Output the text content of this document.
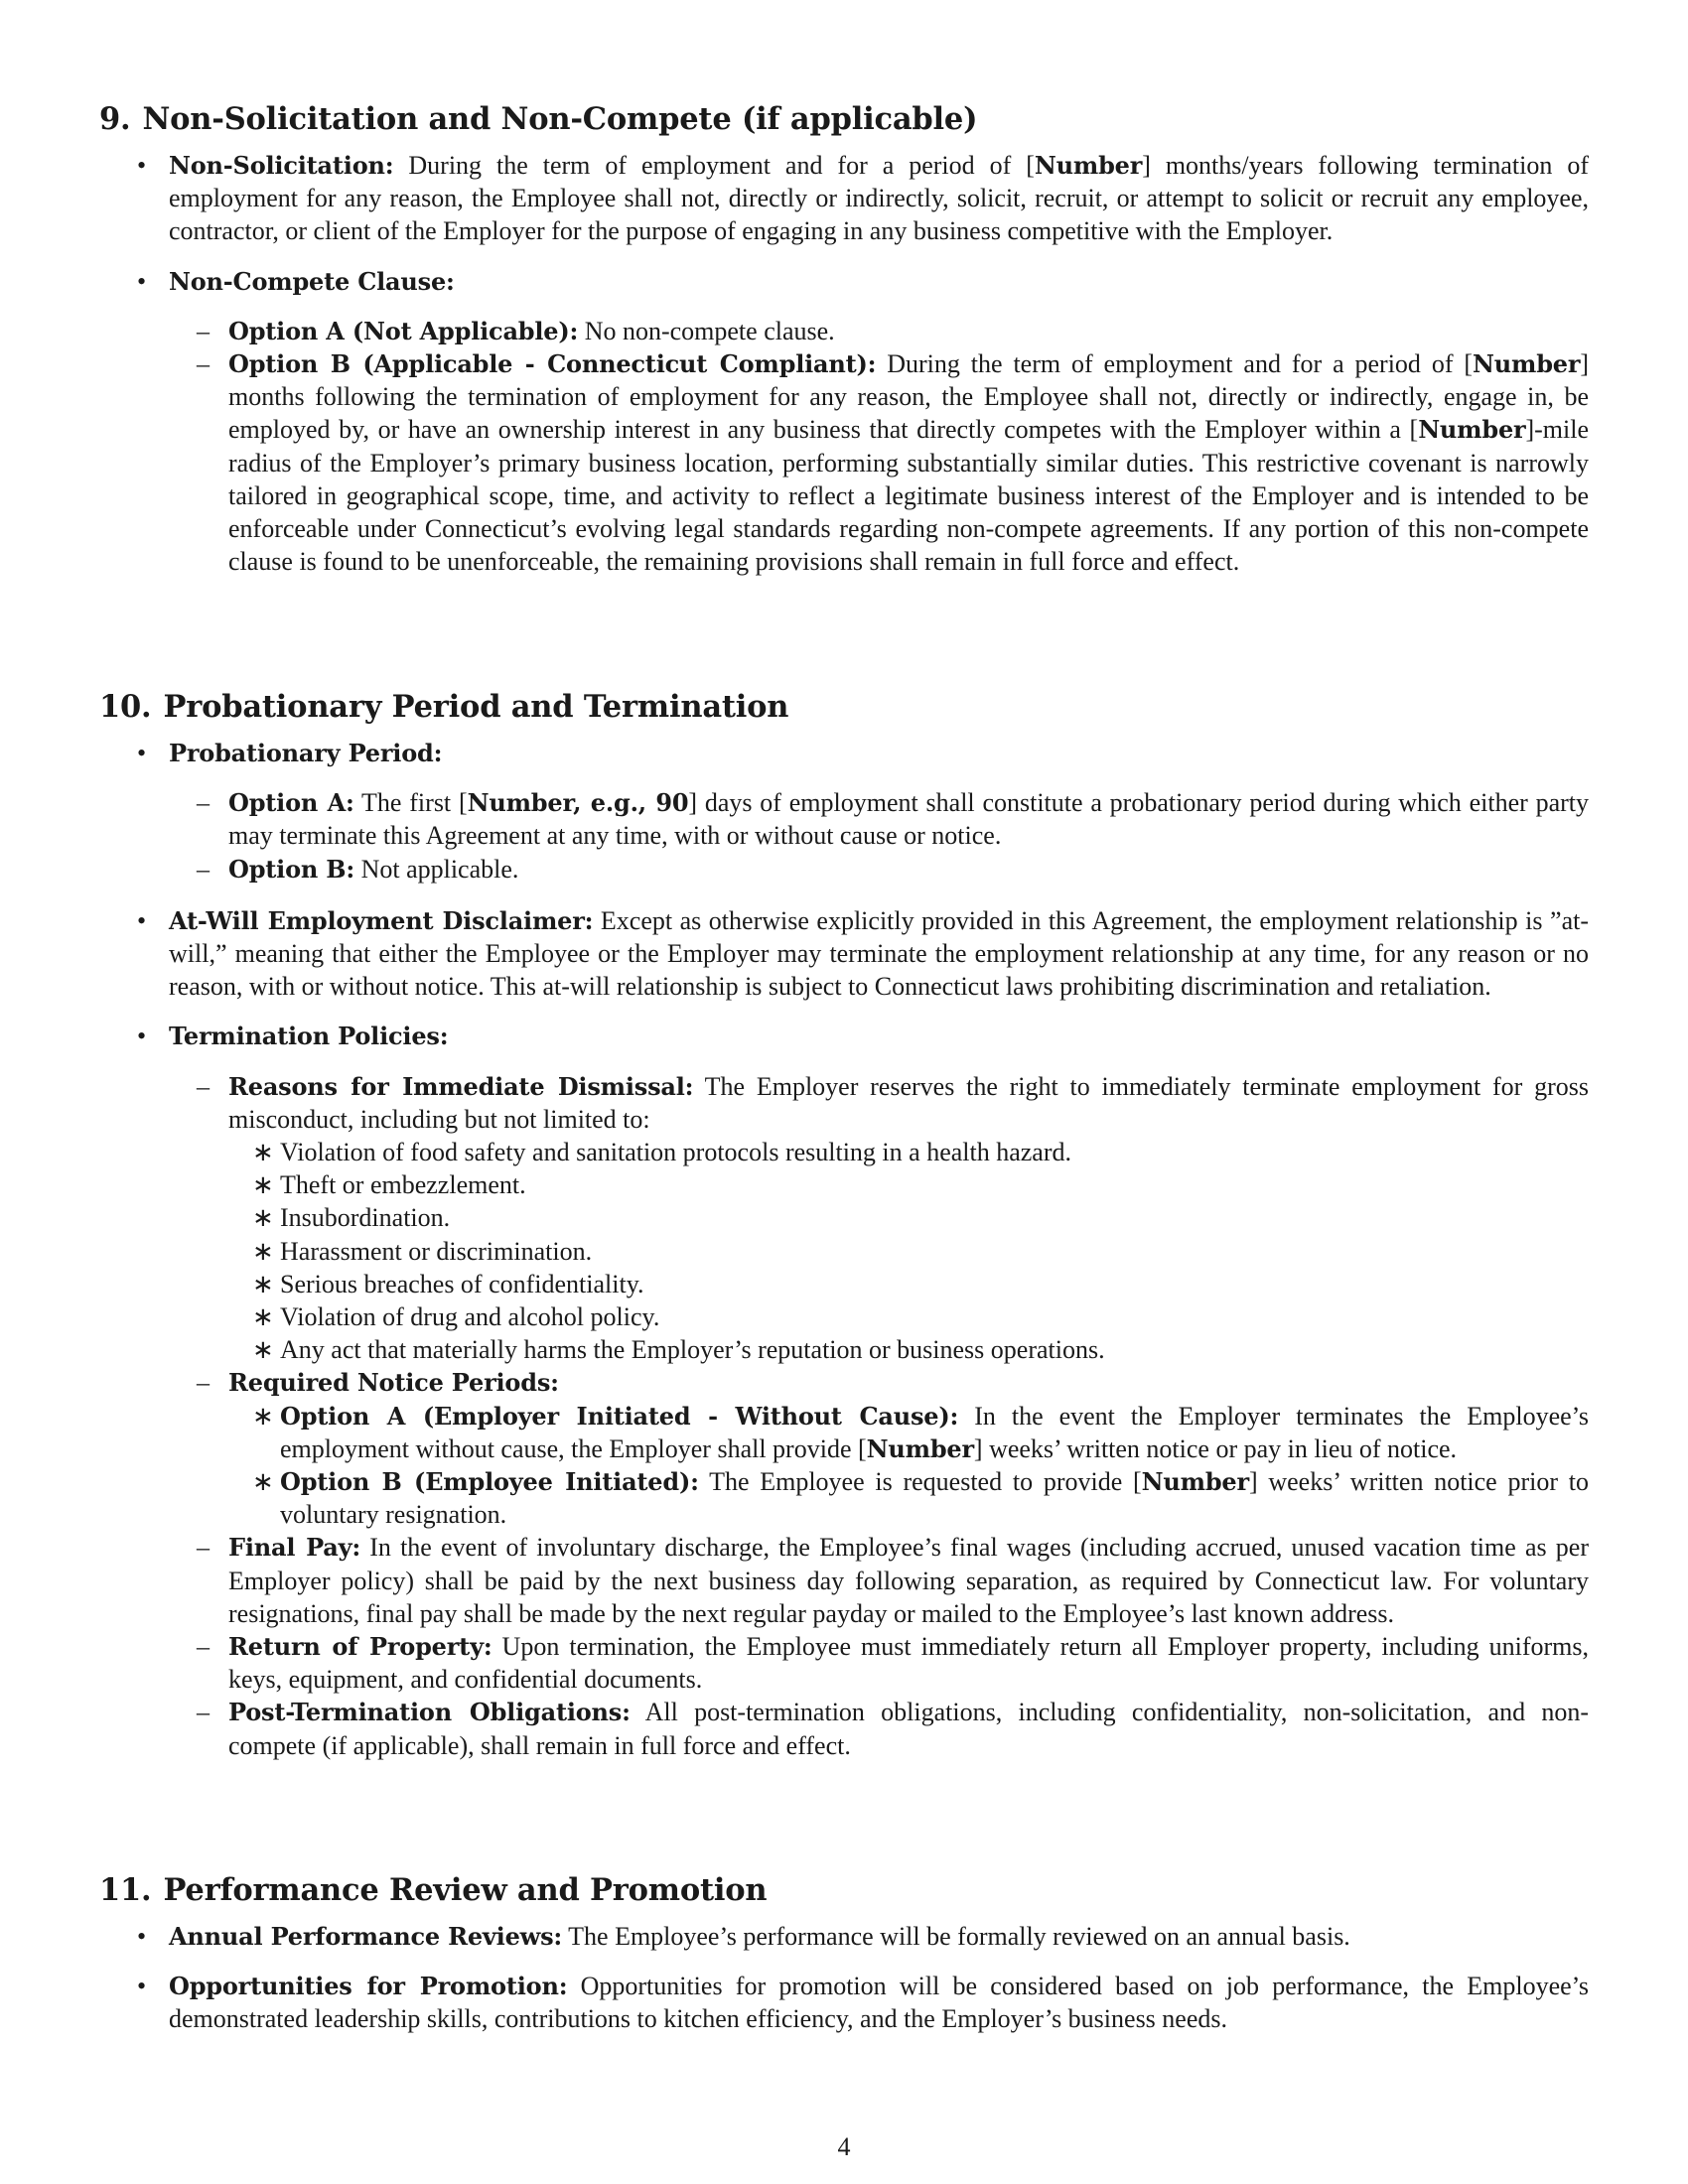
9. Non-Solicitation and Non-Compete (if applicable)
• Non-Solicitation: During the term of employment and for a period of [Number] months/years following termination of employment for any reason, the Employee shall not, directly or indirectly, solicit, recruit, or attempt to solicit or recruit any employee, contractor, or client of the Employer for the purpose of engaging in any business competitive with the Employer.
• Non-Compete Clause:
– Option A (Not Applicable): No non-compete clause.
– Option B (Applicable - Connecticut Compliant): During the term of employment and for a period of [Number] months following the termination of employment for any reason, the Employee shall not, directly or indirectly, engage in, be employed by, or have an ownership interest in any business that directly competes with the Employer within a [Number]-mile radius of the Employer’s primary business location, performing substantially similar duties. This restrictive covenant is narrowly tailored in geographical scope, time, and activity to reflect a legitimate business interest of the Employer and is intended to be enforceable under Connecticut’s evolving legal standards regarding non-compete agreements. If any portion of this non-compete clause is found to be unenforceable, the remaining provisions shall remain in full force and effect.
10. Probationary Period and Termination
• Probationary Period:
– Option A: The first [Number, e.g., 90] days of employment shall constitute a probationary period during which either party may terminate this Agreement at any time, with or without cause or notice.
– Option B: Not applicable.
• At-Will Employment Disclaimer: Except as otherwise explicitly provided in this Agreement, the employment relationship is ”at-will,” meaning that either the Employee or the Employer may terminate the employment relationship at any time, for any reason or no reason, with or without notice. This at-will relationship is subject to Connecticut laws prohibiting discrimination and retaliation.
• Termination Policies:
– Reasons for Immediate Dismissal: The Employer reserves the right to immediately terminate employment for gross misconduct, including but not limited to:
∗ Violation of food safety and sanitation protocols resulting in a health hazard.
∗ Theft or embezzlement.
∗ Insubordination.
∗ Harassment or discrimination.
∗ Serious breaches of confidentiality.
∗ Violation of drug and alcohol policy.
∗ Any act that materially harms the Employer’s reputation or business operations.
– Required Notice Periods:
∗ Option A (Employer Initiated - Without Cause): In the event the Employer terminates the Employee’s employment without cause, the Employer shall provide [Number] weeks’ written notice or pay in lieu of notice.
∗ Option B (Employee Initiated): The Employee is requested to provide [Number] weeks’ written notice prior to voluntary resignation.
– Final Pay: In the event of involuntary discharge, the Employee’s final wages (including accrued, unused vacation time as per Employer policy) shall be paid by the next business day following separation, as required by Connecticut law. For voluntary resignations, final pay shall be made by the next regular payday or mailed to the Employee’s last known address.
– Return of Property: Upon termination, the Employee must immediately return all Employer property, including uniforms, keys, equipment, and confidential documents.
– Post-Termination Obligations: All post-termination obligations, including confidentiality, non-solicitation, and non-compete (if applicable), shall remain in full force and effect.
11. Performance Review and Promotion
• Annual Performance Reviews: The Employee’s performance will be formally reviewed on an annual basis.
• Opportunities for Promotion: Opportunities for promotion will be considered based on job performance, the Employee’s demonstrated leadership skills, contributions to kitchen efficiency, and the Employer’s business needs.
4
